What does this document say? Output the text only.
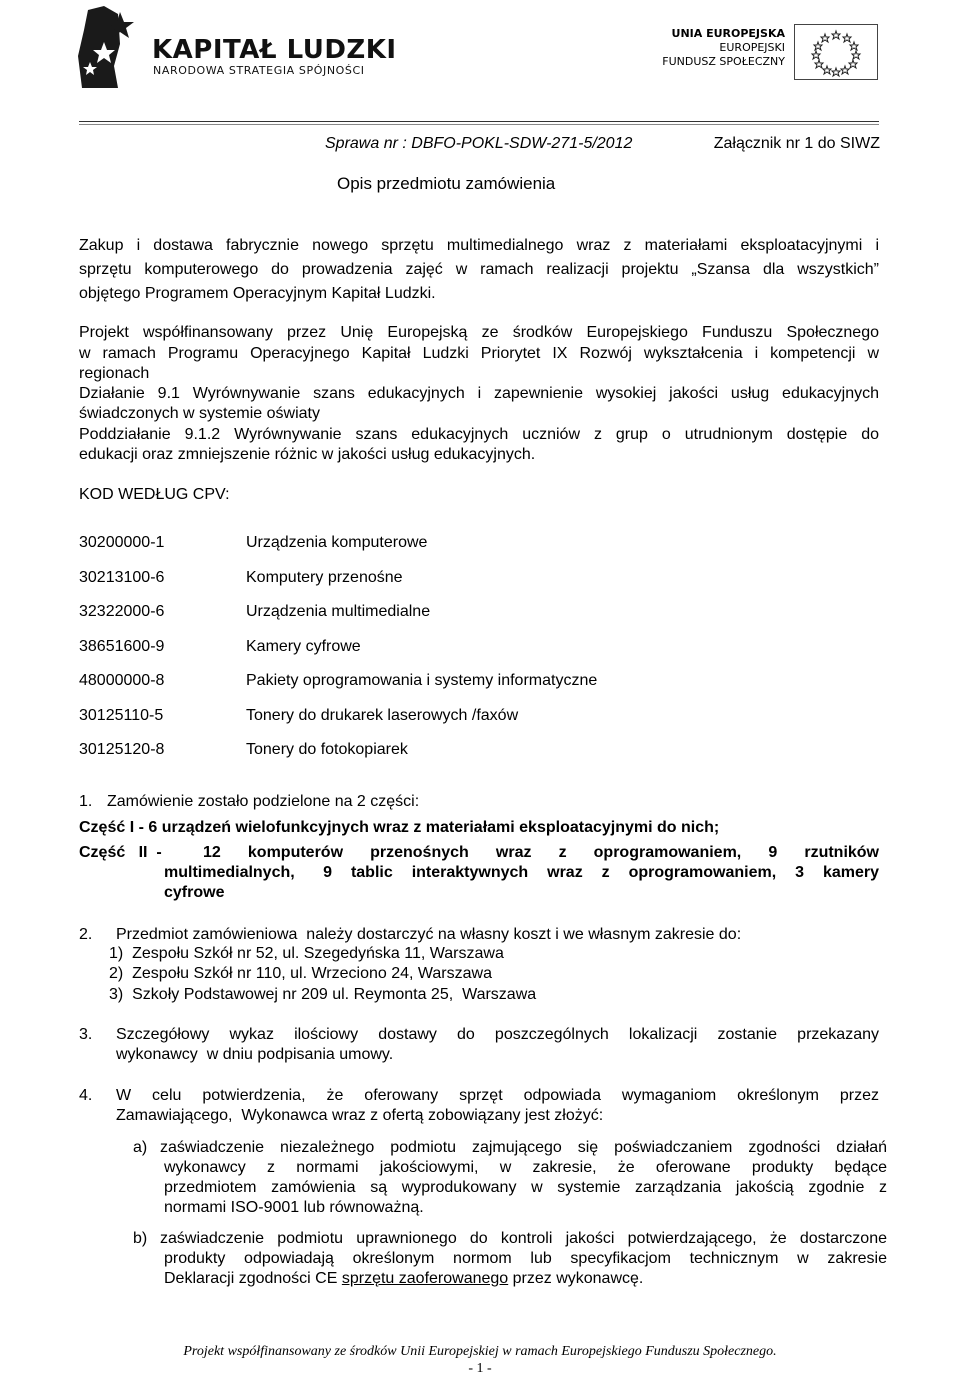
KAPITAŁ LUDZKI
NARODOWA STRATEGIA SPÓJNOŚCI
UNIA EUROPEJSKA
EUROPEJSKI
FUNDUSZ SPOŁECZNY
Sprawa nr : DBFO-POKL-SDW-271-5/2012	Załącznik nr 1 do SIWZ
Opis przedmiotu zamówienia
Zakup i dostawa fabrycznie nowego sprzętu multimedialnego wraz z materiałami eksploatacyjnymi i
sprzętu komputerowego do prowadzenia zajęć w ramach realizacji projektu „Szansa dla wszystkich”
objętego Programem Operacyjnym Kapitał Ludzki.
Projekt współfinansowany przez Unię Europejską ze środków Europejskiego Funduszu Społecznego
w ramach Programu Operacyjnego Kapitał Ludzki Priorytet IX Rozwój wykształcenia i kompetencji w
regionach
Działanie 9.1 Wyrównywanie szans edukacyjnych i zapewnienie wysokiej jakości usług edukacyjnych
świadczonych w systemie oświaty
Poddziałanie 9.1.2 Wyrównywanie szans edukacyjnych uczniów z grup o utrudnionym dostępie do
edukacji oraz zmniejszenie różnic w jakości usług edukacyjnych.
KOD WEDŁUG CPV:
30200000-1	Urządzenia komputerowe
30213100-6	Komputery przenośne
32322000-6	Urządzenia multimedialne
38651600-9	Kamery cyfrowe
48000000-8	Pakiety oprogramowania i systemy informatyczne
30125110-5	Tonery do drukarek laserowych /faxów
30125120-8	Tonery do fotokopiarek
1. Zamówienie zostało podzielone na 2 części:
Część I - 6 urządzeń wielofunkcyjnych wraz z materiałami eksploatacyjnymi do nich;
Część   II  -	12  komputerów  przenośnych  wraz  z  oprogramowaniem,  9  rzutników
multimedialnych,   9  tablic  interaktywnych  wraz  z  oprogramowaniem,  3  kamery
cyfrowe
2. Przedmiot zamówieniowa  należy dostarczyć na własny koszt i we własnym zakresie do:
1)  Zespołu Szkół nr 52, ul. Szegedyńska 11, Warszawa
2)  Zespołu Szkół nr 110, ul. Wrzeciono 24, Warszawa
3)  Szkoły Podstawowej nr 209 ul. Reymonta 25,  Warszawa
3. Szczegółowy  wykaz  ilościowy  dostawy  do  poszczególnych  lokalizacji  zostanie  przekazany
wykonawcy  w dniu podpisania umowy.
4. W  celu  potwierdzenia,  że  oferowany  sprzęt  odpowiada  wymaganiom  określonym  przez
Zamawiającego,  Wykonawca wraz z ofertą zobowiązany jest złożyć:
a) zaświadczenie niezależnego podmiotu zajmującego się poświadczaniem zgodności działań
wykonawcy  z  normami  jakościowymi,  w  zakresie,  że  oferowane  produkty  będące
przedmiotem  zamówienia  są  wyprodukowany  w  systemie  zarządzania  jakością  zgodnie  z
normami ISO-9001 lub równoważną.
b) zaświadczenie podmiotu uprawnionego do kontroli jakości potwierdzającego, że dostarczone
produkty  odpowiadają  określonym  normom  lub  specyfikacjom  technicznym  w  zakresie
Deklaracji zgodności CE sprzętu zaoferowanego przez wykonawcę.
Projekt współfinansowany ze środków Unii Europejskiej w ramach Europejskiego Funduszu Społecznego.
- 1 -
